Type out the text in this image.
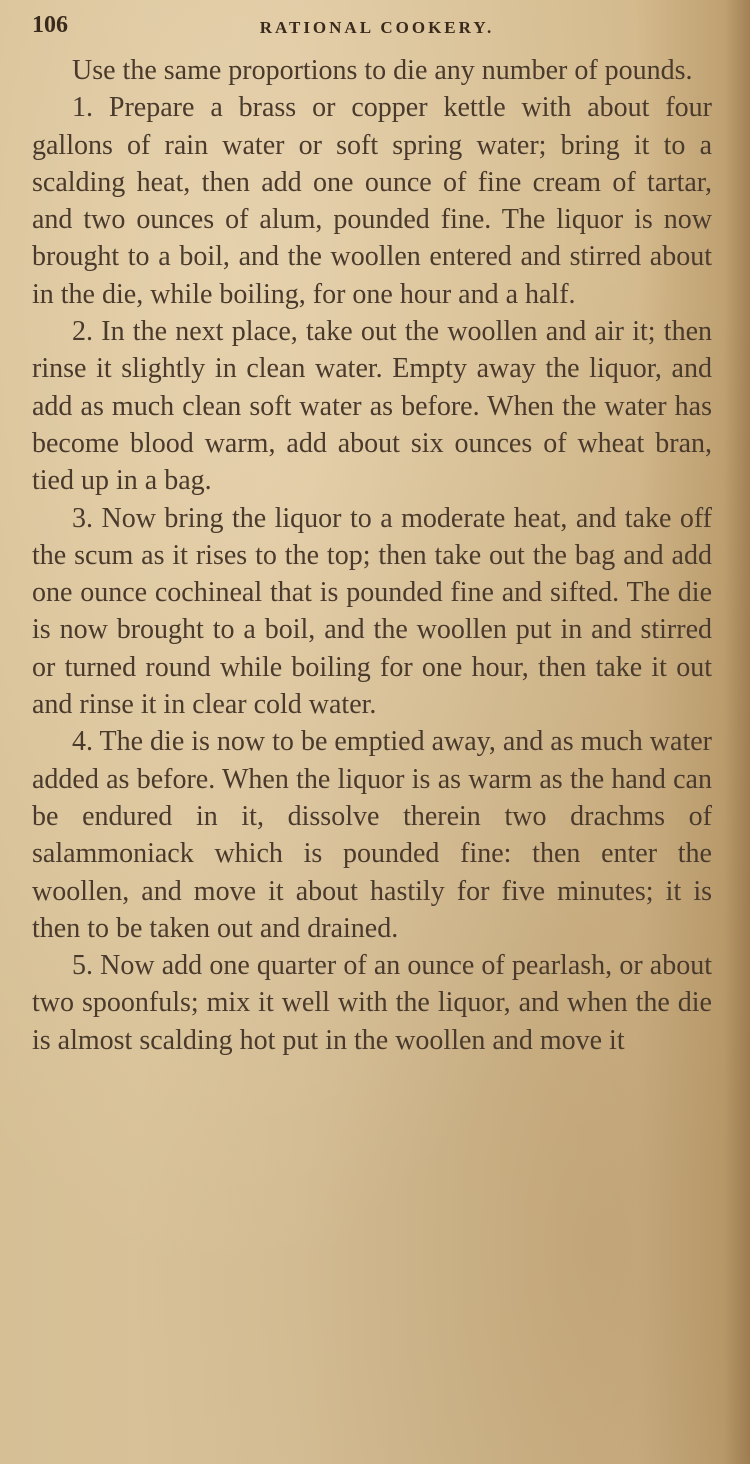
106	RATIONAL COOKERY.

Use the same proportions to die any number of pounds.

1. Prepare a brass or copper kettle with about four gallons of rain water or soft spring water; bring it to a scalding heat, then add one ounce of fine cream of tartar, and two ounces of alum, pounded fine. The liquor is now brought to a boil, and the woollen entered and stirred about in the die, while boiling, for one hour and a half.

2. In the next place, take out the woollen and air it; then rinse it slightly in clean water. Empty away the liquor, and add as much clean soft water as before. When the water has become blood warm, add about six ounces of wheat bran, tied up in a bag.

3. Now bring the liquor to a moderate heat, and take off the scum as it rises to the top; then take out the bag and add one ounce cochineal that is pounded fine and sifted. The die is now brought to a boil, and the woollen put in and stirred or turned round while boiling for one hour, then take it out and rinse it in clear cold water.

4. The die is now to be emptied away, and as much water added as before. When the liquor is as warm as the hand can be endured in it, dissolve therein two drachms of salammoniack which is pounded fine: then enter the woollen, and move it about hastily for five minutes; it is then to be taken out and drained.

5. Now add one quarter of an ounce of pearlash, or about two spoonfuls; mix it well with the liquor, and when the die is almost scalding hot put in the woollen and move it
